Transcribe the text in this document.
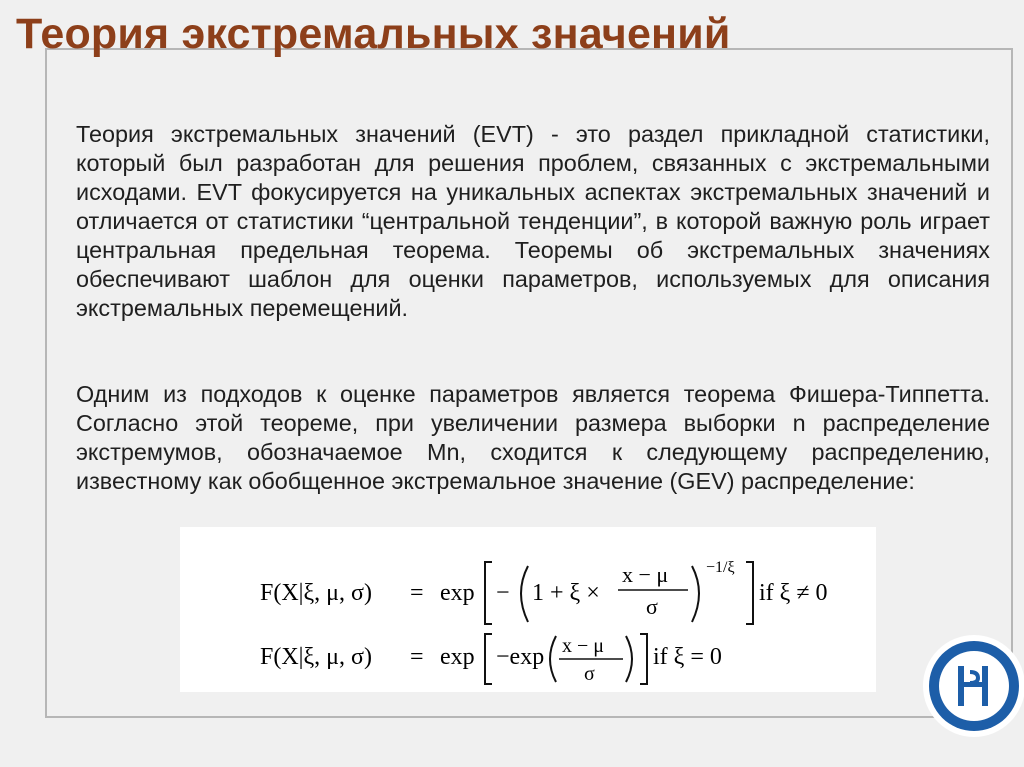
Теория экстремальных значений

Теория экстремальных значений (EVT) - это раздел прикладной статистики, который был разработан для решения проблем, связанных с экстремальными исходами. EVT фокусируется на уникальных аспектах экстремальных значений и отличается от статистики “центральной тенденции”, в которой важную роль играет центральная предельная теорема. Теоремы об экстремальных значениях обеспечивают шаблон для оценки параметров, используемых для описания экстремальных перемещений.

Одним из подходов к оценке параметров является теорема Фишера-Типпетта. Согласно этой теореме, при увеличении размера выборки n распределение экстремумов, обозначаемое Mn, сходится к следующему распределению, известному как обобщенное экстремальное значение (GEV) распределение:

F(X|ξ, μ, σ) = exp − 1 + ξ ×
x − μ
σ
−1/ξ
if ξ ≠ 0
F(X|ξ, μ, σ) = exp −exp x − μ
σ
if ξ = 0
